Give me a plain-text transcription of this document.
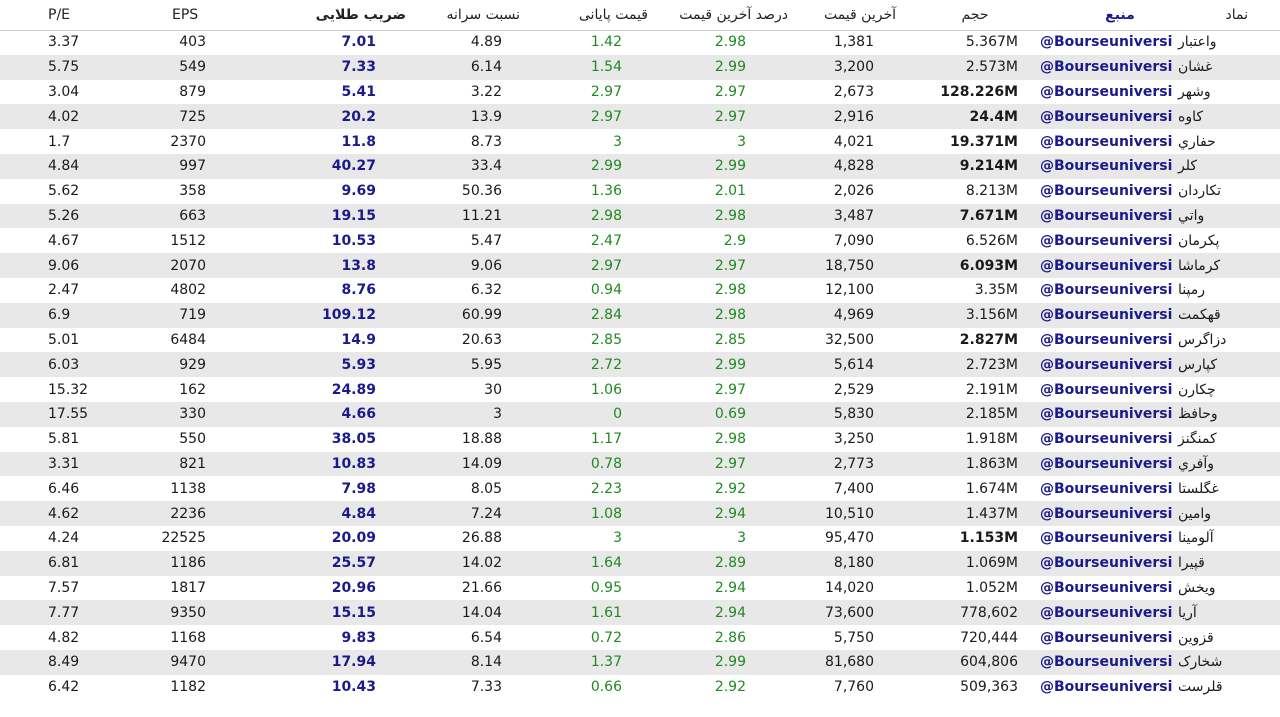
P/E	EPS	ضریب طلایی	نسبت سرانه	قیمت پایانی	درصد آخرین قیمت	آخرین قیمت	حجم	منبع	نماد
3.37	403	7.01	4.89	1.42	2.98	1,381	5.367M @Bourseuniversi واعتبار
5.75	549	7.33	6.14	1.54	2.99	3,200	2.573M @Bourseuniversi غشان
3.04	879	5.41	3.22	2.97	2.97	2,673	128.226M @Bourseuniversi وشهر
4.02	725	20.2	13.9	2.97	2.97	2,916	24.4M @Bourseuniversi کاوه
1.7	2370	11.8	8.73	3	3	4,021	19.371M @Bourseuniversi حفاري
4.84	997	40.27	33.4	2.99	2.99	4,828	9.214M @Bourseuniversi کلر
5.62	358	9.69	50.36	1.36	2.01	2,026	8.213M @Bourseuniversi تکاردان
5.26	663	19.15	11.21	2.98	2.98	3,487	7.671M @Bourseuniversi واتي
4.67	1512	10.53	5.47	2.47	2.9	7,090	6.526M @Bourseuniversi پکرمان
9.06	2070	13.8	9.06	2.97	2.97	18,750	6.093M @Bourseuniversi کرماشا
2.47	4802	8.76	6.32	0.94	2.98	12,100	3.35M @Bourseuniversi رمپنا
6.9	719	109.12	60.99	2.84	2.98	4,969	3.156M @Bourseuniversi قهکمت
5.01	6484	14.9	20.63	2.85	2.85	32,500	2.827M @Bourseuniversi دزاگرس
6.03	929	5.93	5.95	2.72	2.99	5,614	2.723M @Bourseuniversi کپارس
15.32	162	24.89	30	1.06	2.97	2,529	2.191M @Bourseuniversi چکارن
17.55	330	4.66	3	0	0.69	5,830	2.185M @Bourseuniversi وحافظ
5.81	550	38.05	18.88	1.17	2.98	3,250	1.918M @Bourseuniversi کمنگنز
3.31	821	10.83	14.09	0.78	2.97	2,773	1.863M @Bourseuniversi وآفري
6.46	1138	7.98	8.05	2.23	2.92	7,400	1.674M @Bourseuniversi غگلستا
4.62	2236	4.84	7.24	1.08	2.94	10,510	1.437M @Bourseuniversi وامين
4.24	22525	20.09	26.88	3	3	95,470	1.153M @Bourseuniversi آلومينا
6.81	1186	25.57	14.02	1.64	2.89	8,180	1.069M @Bourseuniversi قپيرا
7.57	1817	20.96	21.66	0.95	2.94	14,020	1.052M @Bourseuniversi ويخش
7.77	9350	15.15	14.04	1.61	2.94	73,600	778,602 @Bourseuniversi آريا
4.82	1168	9.83	6.54	0.72	2.86	5,750	720,444 @Bourseuniversi قزوين
8.49	9470	17.94	8.14	1.37	2.99	81,680	604,806 @Bourseuniversi شخارک
6.42	1182	10.43	7.33	0.66	2.92	7,760	509,363 @Bourseuniversi قلرست
